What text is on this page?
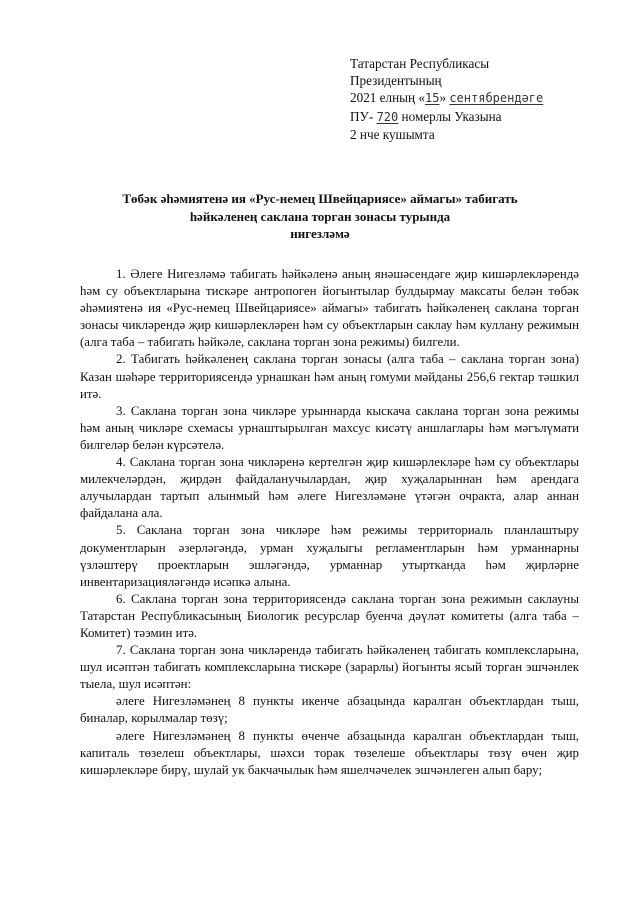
Татарстан Республикасы
Президентының
2021 елның «15» сентябрендәге
ПУ- 720 номерлы Указына
2 нче кушымта
Төбәк әһәмиятенә ия «Рус-немец Швейцариясе» аймагы» табигать
һәйкәленең саклана торган зонасы турында
нигезләмә

1. Әлеге Нигезләмә табигать һәйкәленә аның янәшәсендәге җир кишәрлекләрендә һәм су объектларына тискәре антропоген йогынтылар булдырмау максаты белән төбәк әһәмиятенә ия «Рус-немец Швейцариясе» аймагы» табигать һәйкәленең саклана торган зонасы чикләрендә җир кишәрлекләрен һәм су объектларын саклау һәм куллану режимын (алга таба – табигать һәйкәле, саклана торган зона режимы) билгели.

2. Табигать һәйкәленең саклана торган зонасы (алга таба – саклана торган зона) Казан шәһәре территориясендә урнашкан һәм аның гомуми мәйданы 256,6 гектар тәшкил итә.

3. Саклана торган зона чикләре урыннарда кыскача саклана торган зона режимы һәм аның чикләре схемасы урнаштырылган махсус кисәтү аншлаглары һәм мәгълүмати билгеләр белән күрсәтелә.

4. Саклана торган зона чикләренә кертелгән җир кишәрлекләре һәм су объектлары милекчеләрдән, җирдән файдаланучылардан, җир хуҗаларыннан һәм арендага алучылардан тартып алынмый һәм әлеге Нигезләмәне үтәгән очракта, алар аннан файдалана ала.

5. Саклана торган зона чикләре һәм режимы территориаль планлаштыру документларын әзерләгәндә, урман хуҗалыгы регламентларын һәм урманнарны үзләштерү проектларын эшләгәндә, урманнар утыртканда һәм җирләрне инвентаризацияләгәндә исәпкә алына.

6. Саклана торган зона территориясендә саклана торган зона режимын саклауны Татарстан Республикасының Биологик ресурслар буенча дәүләт комитеты (алга таба – Комитет) тәэмин итә.

7. Саклана торган зона чикләрендә табигать һәйкәленең табигать комплексларына, шул исәптән табигать комплексларына тискәре (зарарлы) йогынты ясый торган эшчәнлек тыела, шул исәптән:

әлеге Нигезләмәнең 8 пункты икенче абзацында каралган объектлардан тыш, биналар, корылмалар төзү;

әлеге Нигезләмәнең 8 пункты өченче абзацында каралган объектлардан тыш, капиталь төзелеш объектлары, шәхси торак төзелеше объектлары төзү өчен җир кишәрлекләре бирү, шулай ук бакчачылык һәм яшелчәчелек эшчәнлеген алып бару;
